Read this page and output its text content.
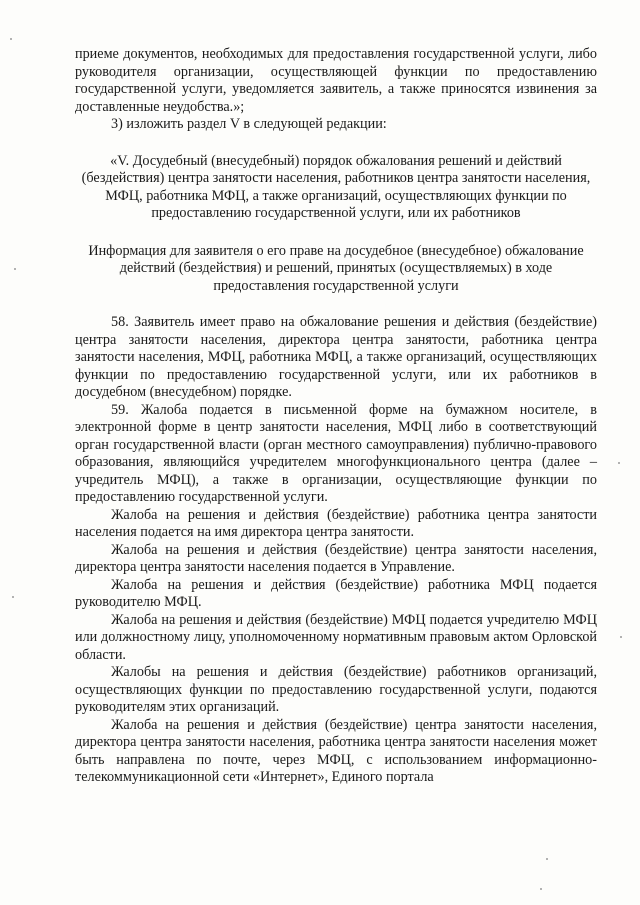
приеме документов, необходимых для предоставления государственной услуги, либо руководителя организации, осуществляющей функции по предоставлению государственной услуги, уведомляется заявитель, а также приносятся извинения за доставленные неудобства.»;

3) изложить раздел V в следующей редакции:

«V. Досудебный (внесудебный) порядок обжалования решений и действий (бездействия) центра занятости населения, работников центра занятости населения, МФЦ, работника МФЦ, а также организаций, осуществляющих функции по предоставлению государственной услуги, или их работников

Информация для заявителя о его праве на досудебное (внесудебное) обжалование действий (бездействия) и решений, принятых (осуществляемых) в ходе предоставления государственной услуги

58. Заявитель имеет право на обжалование решения и действия (бездействие) центра занятости населения, директора центра занятости, работника центра занятости населения, МФЦ, работника МФЦ, а также организаций, осуществляющих функции по предоставлению государственной услуги, или их работников в досудебном (внесудебном) порядке.

59. Жалоба подается в письменной форме на бумажном носителе, в электронной форме в центр занятости населения, МФЦ либо в соответствующий орган государственной власти (орган местного самоуправления) публично-правового образования, являющийся учредителем многофункционального центра (далее – учредитель МФЦ), а также в организации, осуществляющие функции по предоставлению государственной услуги.

Жалоба на решения и действия (бездействие) работника центра занятости населения подается на имя директора центра занятости.

Жалоба на решения и действия (бездействие) центра занятости населения, директора центра занятости населения подается в Управление.

Жалоба на решения и действия (бездействие) работника МФЦ подается руководителю МФЦ.

Жалоба на решения и действия (бездействие) МФЦ подается учредителю МФЦ или должностному лицу, уполномоченному нормативным правовым актом Орловской области.

Жалобы на решения и действия (бездействие) работников организаций, осуществляющих функции по предоставлению государственной услуги, подаются руководителям этих организаций.

Жалоба на решения и действия (бездействие) центра занятости населения, директора центра занятости населения, работника центра занятости населения может быть направлена по почте, через МФЦ, с использованием информационно-телекоммуникационной сети «Интернет», Единого портала
